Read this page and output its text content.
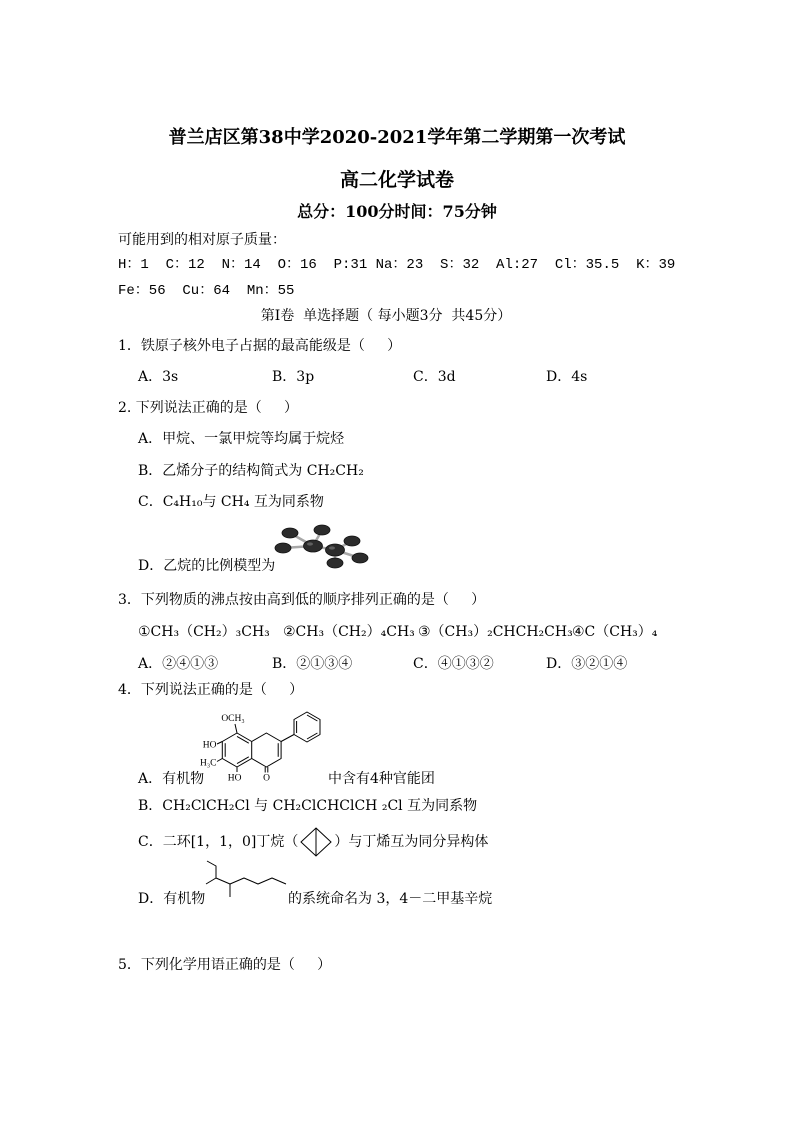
普兰店区第38中学2020-2021学年第二学期第一次考试
高二化学试卷
总分：100分时间：75分钟
可能用到的相对原子质量：
H：1  C：12  N：14  O：16  P:31 Na：23  S：32  Al:27  Cl：35.5  K：39
Fe：56  Cu：64  Mn：55
第Ⅰ卷  单选择题（ 每小题3分  共45分）
1．铁原子核外电子占据的最高能级是（     ）
A．3s	B．3p	C．3d	D．4s
2. 下列说法正确的是（     ）
A．甲烷、一氯甲烷等均属于烷烃
B．乙烯分子的结构简式为 CH₂CH₂
C．C₄H₁₀与 CH₄ 互为同系物
D．乙烷的比例模型为
3．下列物质的沸点按由高到低的顺序排列正确的是（     ）
①CH₃（CH₂）₃CH₃ ②CH₃（CH₂）₄CH₃ ③（CH₃）₂CHCH₂CH₃ ④C（CH₃）₄
A．②④①③	B．②①③④	C．④①③②	D．③②①④
4．下列说法正确的是（     ）
OCH₃
HO
H₃C
HO O
A．有机物	中含有4种官能团
B．CH₂ClCH₂Cl 与 CH₂ClCHClCH ₂Cl 互为同系物
C．二环[1，1，0]丁烷（	）与丁烯互为同分异构体
D．有机物	的系统命名为 3，4－二甲基辛烷
5．下列化学用语正确的是（     ）
